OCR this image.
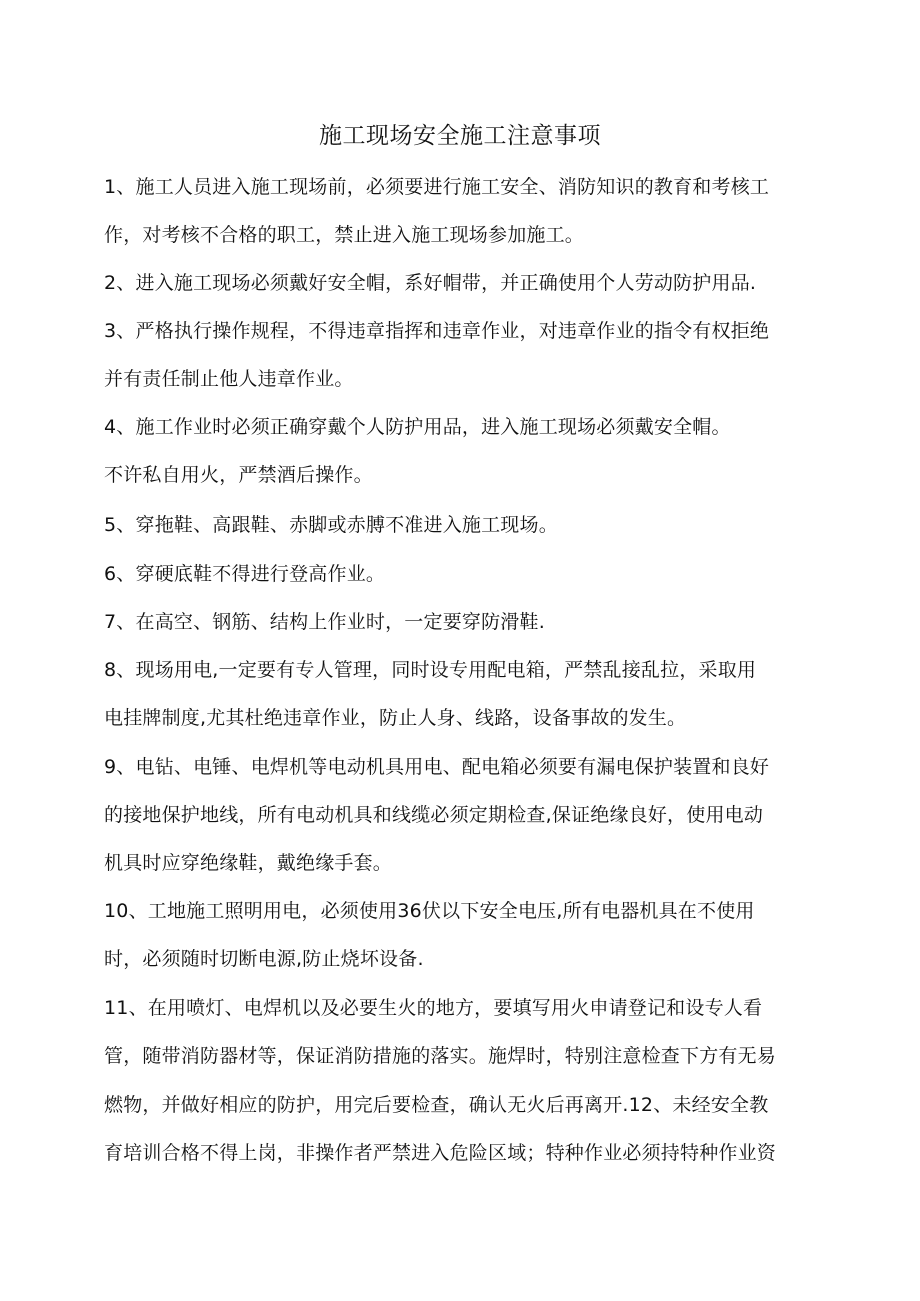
施工现场安全施工注意事项
1、施工人员进入施工现场前，必须要进行施工安全、消防知识的教育和考核工
作，对考核不合格的职工，禁止进入施工现场参加施工。
2、进入施工现场必须戴好安全帽，系好帽带，并正确使用个人劳动防护用品.
3、严格执行操作规程，不得违章指挥和违章作业，对违章作业的指令有权拒绝
并有责任制止他人违章作业。
4、施工作业时必须正确穿戴个人防护用品，进入施工现场必须戴安全帽。
不许私自用火，严禁酒后操作。
5、穿拖鞋、高跟鞋、赤脚或赤膊不准进入施工现场。
6、穿硬底鞋不得进行登高作业。
7、在高空、钢筋、结构上作业时，一定要穿防滑鞋.
8、现场用电,一定要有专人管理，同时设专用配电箱，严禁乱接乱拉，采取用
电挂牌制度,尤其杜绝违章作业，防止人身、线路，设备事故的发生。
9、电钻、电锤、电焊机等电动机具用电、配电箱必须要有漏电保护装置和良好
的接地保护地线，所有电动机具和线缆必须定期检查,保证绝缘良好，使用电动
机具时应穿绝缘鞋，戴绝缘手套。
10、工地施工照明用电，必须使用36伏以下安全电压,所有电器机具在不使用
时，必须随时切断电源,防止烧坏设备.
11、在用喷灯、电焊机以及必要生火的地方，要填写用火申请登记和设专人看
管，随带消防器材等，保证消防措施的落实。施焊时，特别注意检查下方有无易
燃物，并做好相应的防护，用完后要检查，确认无火后再离开.12、未经安全教
育培训合格不得上岗，非操作者严禁进入危险区域；特种作业必须持特种作业资
